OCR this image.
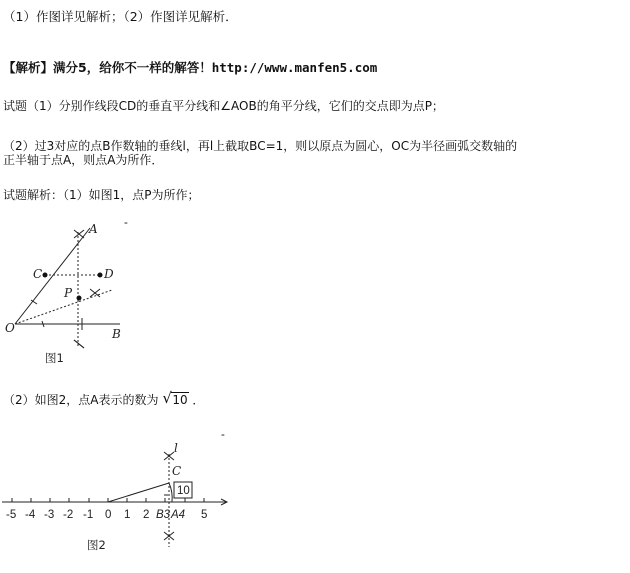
（1）作图详见解析；（2）作图详见解析．
【解析】满分5，给你不一样的解答！http://www.manfen5.com
试题（1）分别作线段CD的垂直平分线和∠AOB的角平分线，它们的交点即为点P；
（2）过3对应的点B作数轴的垂线l，再l上截取BC=1，则以原点为圆心，OC为半径画弧交数轴的
正半轴于点A，则点A为所作．
试题解析：（1）如图1，点P为所作；
A
C	D
P
O	B
-
图1
（2）如图2，点A表示的数为 √ 10 ．
l
C
10
-5 -4 -3 -2 -1 0 1 2 B3 A4 5
-
图2
